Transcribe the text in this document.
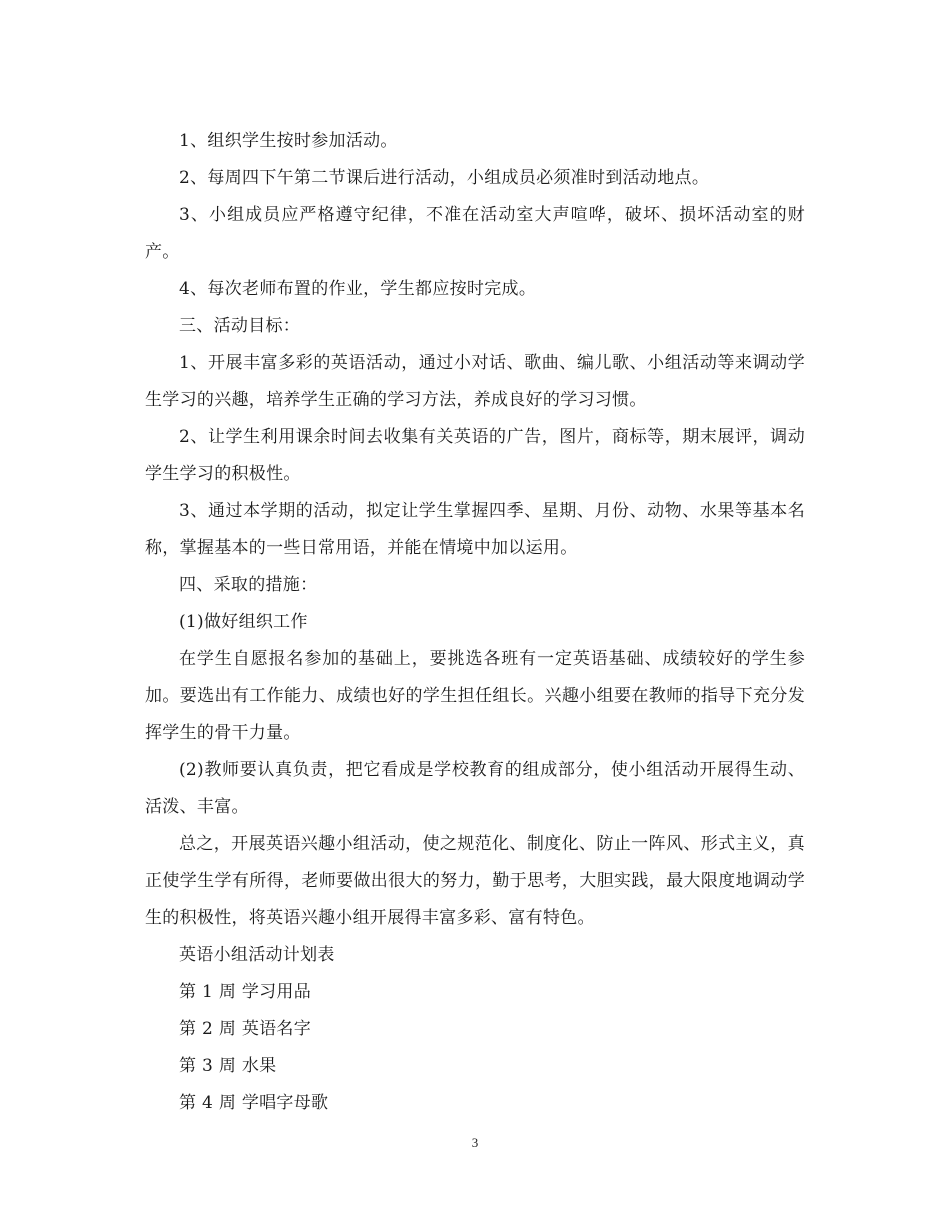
1、组织学生按时参加活动。

2、每周四下午第二节课后进行活动，小组成员必须准时到活动地点。

3、小组成员应严格遵守纪律，不准在活动室大声喧哗，破坏、损坏活动室的财产。

4、每次老师布置的作业，学生都应按时完成。

三、活动目标：

1、开展丰富多彩的英语活动，通过小对话、歌曲、编儿歌、小组活动等来调动学生学习的兴趣，培养学生正确的学习方法，养成良好的学习习惯。

2、让学生利用课余时间去收集有关英语的广告，图片，商标等，期末展评，调动学生学习的积极性。

3、通过本学期的活动，拟定让学生掌握四季、星期、月份、动物、水果等基本名称，掌握基本的一些日常用语，并能在情境中加以运用。

四、采取的措施：

(1)做好组织工作

在学生自愿报名参加的基础上，要挑选各班有一定英语基础、成绩较好的学生参加。要选出有工作能力、成绩也好的学生担任组长。兴趣小组要在教师的指导下充分发挥学生的骨干力量。

(2)教师要认真负责，把它看成是学校教育的组成部分，使小组活动开展得生动、活泼、丰富。

总之，开展英语兴趣小组活动，使之规范化、制度化、防止一阵风、形式主义，真正使学生学有所得，老师要做出很大的努力，勤于思考，大胆实践，最大限度地调动学生的积极性，将英语兴趣小组开展得丰富多彩、富有特色。

英语小组活动计划表

第 1 周 学习用品

第 2 周 英语名字

第 3 周 水果

第 4 周 学唱字母歌

3
